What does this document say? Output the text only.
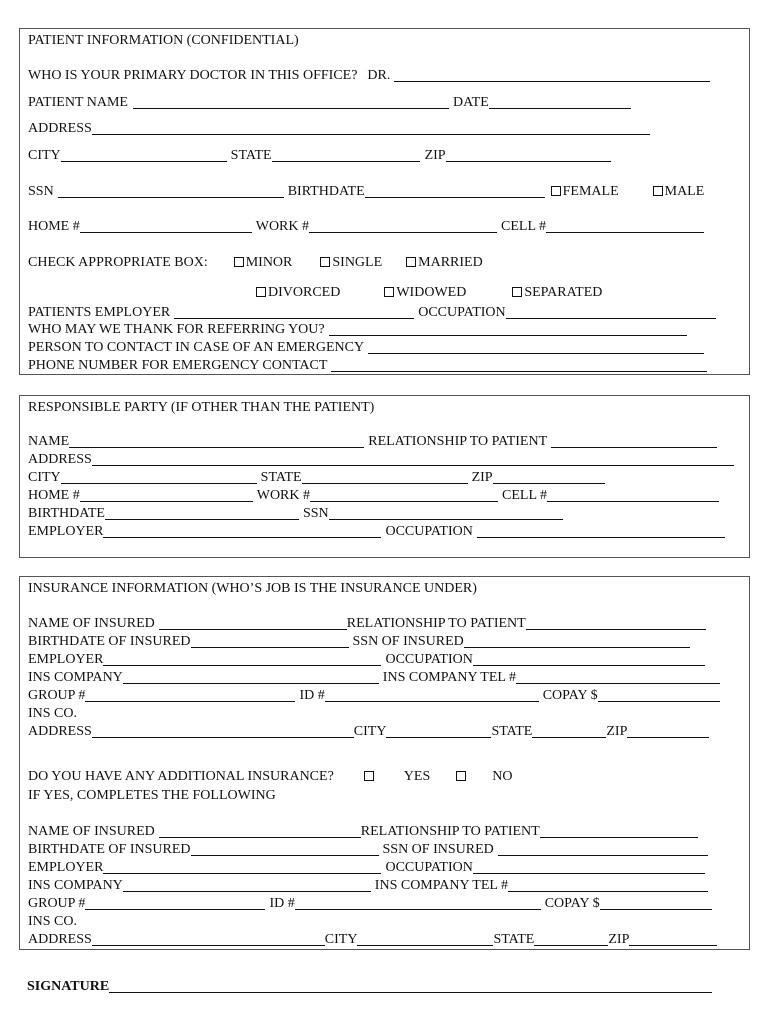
PATIENT INFORMATION (CONFIDENTIAL)
WHO IS YOUR PRIMARY DOCTOR IN THIS OFFICE? DR.
PATIENT NAME	DATE
ADDRESS
CITY	STATE	ZIP
SSN	BIRTHDATE	FEMALE	MALE
HOME #	WORK #	CELL #
CHECK APPROPRIATE BOX:	MINOR	SINGLE	MARRIED
DIVORCED	WIDOWED	SEPARATED
PATIENTS EMPLOYER	OCCUPATION
WHO MAY WE THANK FOR REFERRING YOU?
PERSON TO CONTACT IN CASE OF AN EMERGENCY
PHONE NUMBER FOR EMERGENCY CONTACT
RESPONSIBLE PARTY (IF OTHER THAN THE PATIENT)
NAME	RELATIONSHIP TO PATIENT
ADDRESS
CITY	STATE	ZIP
HOME #	WORK #	CELL #
BIRTHDATE	SSN
EMPLOYER	OCCUPATION
INSURANCE INFORMATION (WHO’S JOB IS THE INSURANCE UNDER)
NAME OF INSURED	RELATIONSHIP TO PATIENT
BIRTHDATE OF INSURED	SSN OF INSURED
EMPLOYER	OCCUPATION
INS COMPANY	INS COMPANY TEL #
GROUP #	ID #	COPAY $
INS CO.
ADDRESS	CITY	STATE	ZIP
DO YOU HAVE ANY ADDITIONAL INSURANCE?	YES	NO
IF YES, COMPLETES THE FOLLOWING
NAME OF INSURED	RELATIONSHIP TO PATIENT
BIRTHDATE OF INSURED	SSN OF INSURED
EMPLOYER	OCCUPATION
INS COMPANY	INS COMPANY TEL #
GROUP #	ID #	COPAY $
INS CO.
ADDRESS	CITY	STATE	ZIP
SIGNATURE
